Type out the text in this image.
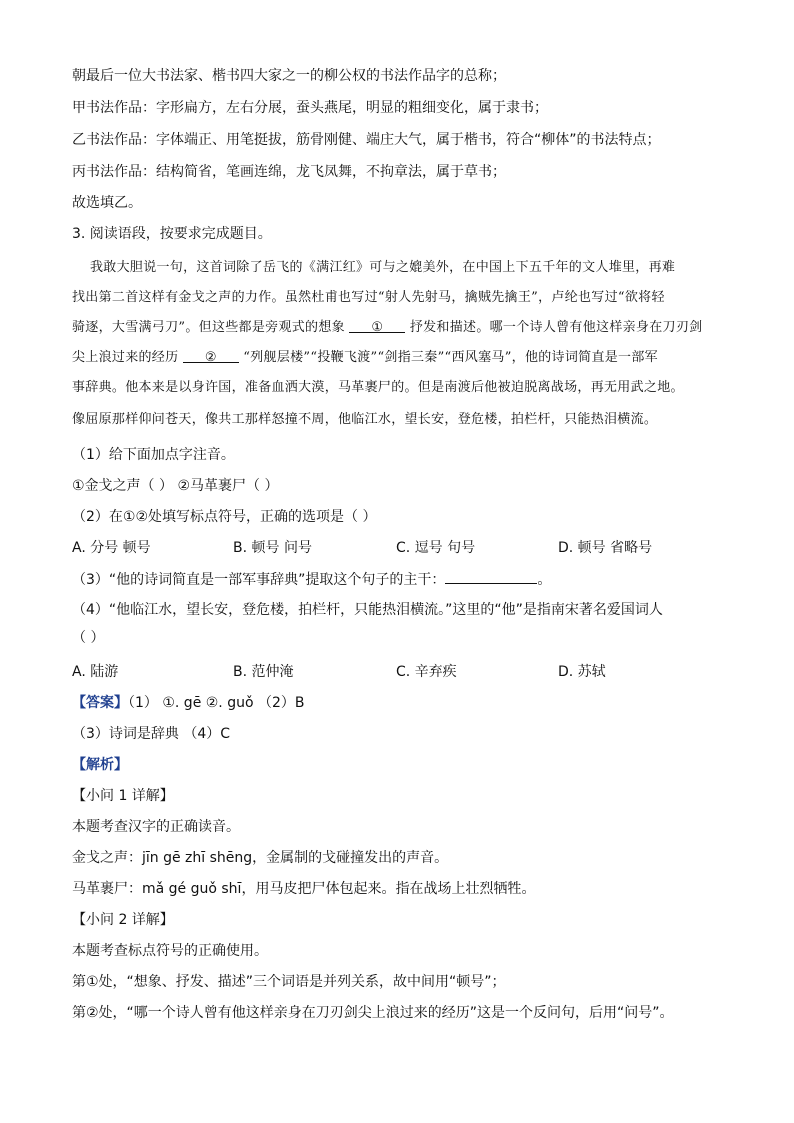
朝最后一位大书法家、楷书四大家之一的柳公权的书法作品字的总称；
甲书法作品：字形扁方，左右分展，蚕头燕尾，明显的粗细变化，属于隶书；
乙书法作品：字体端正、用笔挺拔，筋骨刚健、端庄大气，属于楷书，符合“柳体”的书法特点；
丙书法作品：结构简省，笔画连绵，龙飞凤舞，不拘章法，属于草书；
故选填乙。
3. 阅读语段，按要求完成题目。
我敢大胆说一句，这首词除了岳飞的《满江红》可与之媲美外，在中国上下五千年的文人堆里，再难
找出第二首这样有金戈之声的力作。虽然杜甫也写过“射人先射马，擒贼先擒王”，卢纶也写过“欲将轻
骑逐，大雪满弓刀”。但这些都是旁观式的想象 ① 抒发和描述。哪一个诗人曾有他这样亲身在刀刃剑
尖上浪过来的经历 ② “列舰层楼”“投鞭飞渡”“剑指三秦”“西风塞马”，他的诗词简直是一部军
事辞典。他本来是以身许国，准备血洒大漠，马革裹尸的。但是南渡后他被迫脱离战场，再无用武之地。
像屈原那样仰问苍天，像共工那样怒撞不周，他临江水，望长安，登危楼，拍栏杆，只能热泪横流。
（1）给下面加点字注音。
①金戈之声（ ） ②马革裹尸（ ）
（2）在①②处填写标点符号，正确的选项是（ ）
A. 分号 顿号	B. 顿号 问号	C. 逗号 句号	D. 顿号 省略号
（3）“他的诗词简直是一部军事辞典”提取这个句子的主干：	。
（4）“他临江水，望长安，登危楼，拍栏杆，只能热泪横流。”这里的“他”是指南宋著名爱国词人
（ ）
A. 陆游	B. 范仲淹	C. 辛弃疾	D. 苏轼
【答案】（1） ①. gē ②. guǒ （2）B
（3）诗词是辞典 （4）C
【解析】
【小问 1 详解】
本题考查汉字的正确读音。
金戈之声：jīn gē zhī shēng，金属制的戈碰撞发出的声音。
马革裹尸：mǎ gé guǒ shī，用马皮把尸体包起来。指在战场上壮烈牺牲。
【小问 2 详解】
本题考查标点符号的正确使用。
第①处，“想象、抒发、描述”三个词语是并列关系，故中间用“顿号”；
第②处，“哪一个诗人曾有他这样亲身在刀刃剑尖上浪过来的经历”这是一个反问句，后用“问号”。
